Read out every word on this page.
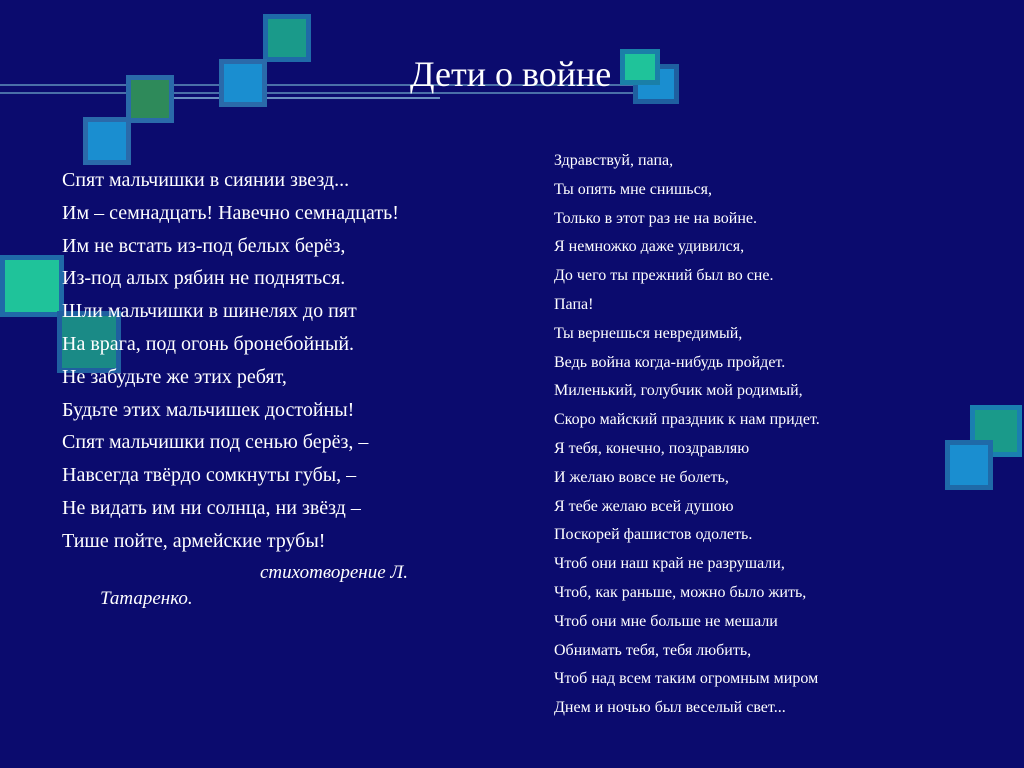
Дети о войне
Спят мальчишки в сиянии звезд...
Им – семнадцать! Навечно семнадцать!
Им не встать из-под белых берёз,
Из-под алых рябин не подняться.
Шли мальчишки в шинелях до пят
На врага, под огонь бронебойный.
Не забудьте же этих ребят,
Будьте этих мальчишек достойны!
Спят мальчишки под сенью берёз, –
Навсегда твёрдо сомкнуты губы, –
Не видать им ни солнца, ни звёзд –
Тише пойте, армейские трубы!
стихотворение Л.
Татаренко.
Здравствуй, папа,
Ты опять мне снишься,
Только в этот раз не на войне.
Я немножко даже удивился,
До чего ты прежний был во сне.
Папа!
Ты вернешься невредимый,
Ведь война когда-нибудь пройдет.
Миленький, голубчик мой родимый,
Скоро майский праздник к нам придет.
Я тебя, конечно, поздравляю
И желаю вовсе не болеть,
Я тебе желаю всей душою
Поскорей фашистов одолеть.
Чтоб они наш край не разрушали,
Чтоб, как раньше, можно было жить,
Чтоб они мне больше не мешали
Обнимать тебя, тебя любить,
Чтоб над всем таким огромным миром
Днем и ночью был веселый свет...
